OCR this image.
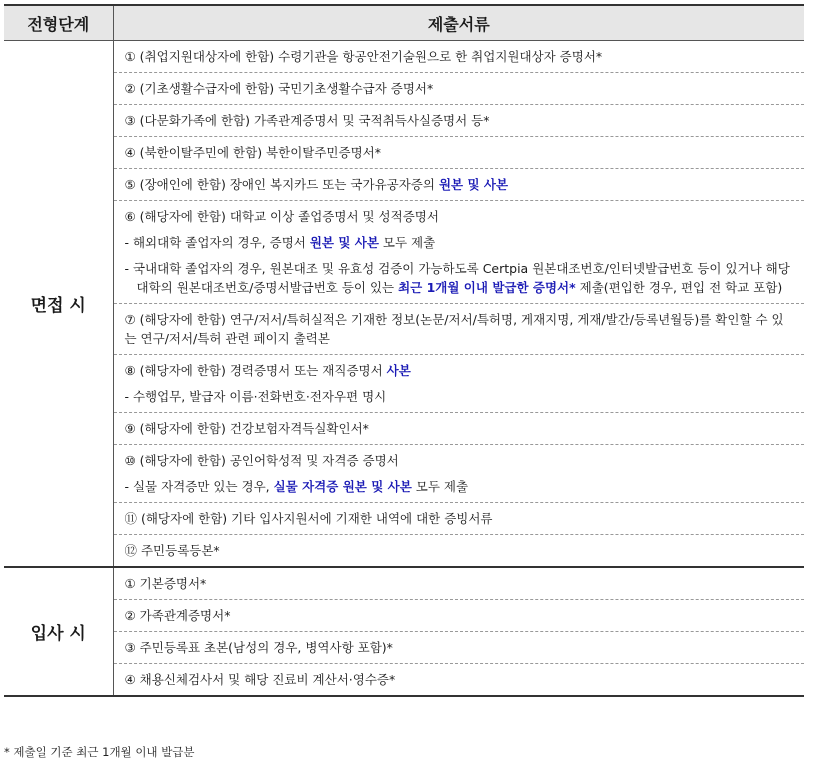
전형단계	제출서류
면접 시	① (취업지원대상자에 한함) 수령기관을 항공안전기술원으로 한 취업지원대상자 증명서*
	② (기초생활수급자에 한함) 국민기초생활수급자 증명서*
	③ (다문화가족에 한함) 가족관계증명서 및 국적취득사실증명서 등*
	④ (북한이탈주민에 한함) 북한이탈주민증명서*
	⑤ (장애인에 한함) 장애인 복지카드 또는 국가유공자증의 원본 및 사본

	⑥ (해당자에 한함) 대학교 이상 졸업증명서 및 성적증명서
- 해외대학 졸업자의 경우, 증명서 원본 및 사본 모두 제출
- 국내대학 졸업자의 경우, 원본대조 및 유효성 검증이 가능하도록 Certpia 원본대조번호/인터넷발급번호 등이 있거나 해당 대학의 원본대조번호/증명서발급번호 등이 있는 최근 1개월 이내 발급한 증명서* 제출(편입한 경우, 편입 전 학교 포함)

	⑦ (해당자에 한함) 연구/저서/특허실적은 기재한 정보(논문/저서/특허명, 게재지명, 게재/발간/등록년월등)를 확인할 수 있는 연구/저서/특허 관련 페이지 출력본
	⑧ (해당자에 한함) 경력증명서 또는 재직증명서 사본
- 수행업무, 발급자 이름·전화번호·전자우편 명시

	⑨ (해당자에 한함) 건강보험자격득실확인서*

	⑩ (해당자에 한함) 공인어학성적 및 자격증 증명서
- 실물 자격증만 있는 경우, 실물 자격증 원본 및 사본 모두 제출

	⑪ (해당자에 한함) 기타 입사지원서에 기재한 내역에 대한 증빙서류
	⑫ 주민등록등본*
입사 시	① 기본증명서*
	② 가족관계증명서*
	③ 주민등록표 초본(남성의 경우, 병역사항 포함)*
	④ 채용신체검사서 및 해당 진료비 계산서·영수증*
* 제출일 기준 최근 1개월 이내 발급분
